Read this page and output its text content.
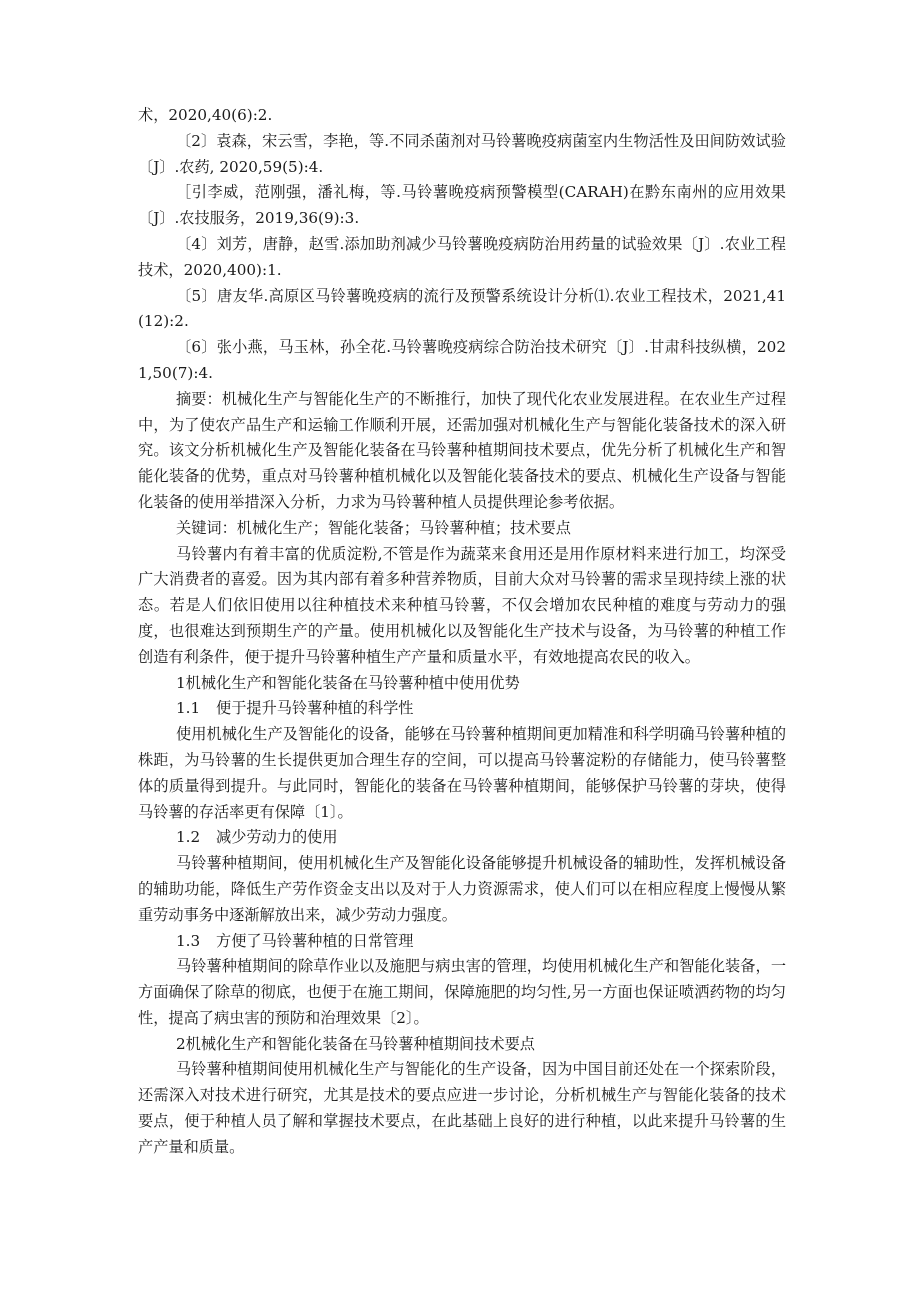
术，2020,40(6):2.

〔2〕袁森，宋云雪，李艳，等.不同杀菌剂对马铃薯晚疫病菌室内生物活性及田间防效试验〔J〕.农药, 2020,59(5):4.

［引李威，范刚强，潘礼梅，等.马铃薯晚疫病预警模型(CARAH)在黔东南州的应用效果〔J〕.农技服务，2019,36(9):3.

〔4〕刘芳，唐静，赵雪.添加助剂减少马铃薯晚疫病防治用药量的试验效果〔J〕.农业工程技术，2020,400):1.

〔5〕唐友华.高原区马铃薯晚疫病的流行及预警系统设计分析⑴.农业工程技术，2021,41(12):2.

〔6〕张小燕，马玉林，孙全花.马铃薯晚疫病综合防治技术研究〔J〕.甘肃科技纵横，2021,50(7):4.

摘要：机械化生产与智能化生产的不断推行，加快了现代化农业发展进程。在农业生产过程中，为了使农产品生产和运输工作顺利开展，还需加强对机械化生产与智能化装备技术的深入研究。该文分析机械化生产及智能化装备在马铃薯种植期间技术要点，优先分析了机械化生产和智能化装备的优势，重点对马铃薯种植机械化以及智能化装备技术的要点、机械化生产设备与智能化装备的使用举措深入分析，力求为马铃薯种植人员提供理论参考依据。

关键词：机械化生产；智能化装备；马铃薯种植；技术要点

马铃薯内有着丰富的优质淀粉,不管是作为蔬菜来食用还是用作原材料来进行加工，均深受广大消费者的喜爱。因为其内部有着多种营养物质，目前大众对马铃薯的需求呈现持续上涨的状态。若是人们依旧使用以往种植技术来种植马铃薯，不仅会增加农民种植的难度与劳动力的强度，也很难达到预期生产的产量。使用机械化以及智能化生产技术与设备，为马铃薯的种植工作创造有利条件，便于提升马铃薯种植生产产量和质量水平，有效地提高农民的收入。

1机械化生产和智能化装备在马铃薯种植中使用优势

1.1 便于提升马铃薯种植的科学性

使用机械化生产及智能化的设备，能够在马铃薯种植期间更加精准和科学明确马铃薯种植的株距，为马铃薯的生长提供更加合理生存的空间，可以提高马铃薯淀粉的存储能力，使马铃薯整体的质量得到提升。与此同时，智能化的装备在马铃薯种植期间，能够保护马铃薯的芽块，使得马铃薯的存活率更有保障〔1〕。

1.2 减少劳动力的使用

马铃薯种植期间，使用机械化生产及智能化设备能够提升机械设备的辅助性，发挥机械设备的辅助功能，降低生产劳作资金支出以及对于人力资源需求，使人们可以在相应程度上慢慢从繁重劳动事务中逐渐解放出来，减少劳动力强度。

1.3 方便了马铃薯种植的日常管理

马铃薯种植期间的除草作业以及施肥与病虫害的管理，均使用机械化生产和智能化装备，一方面确保了除草的彻底，也便于在施工期间，保障施肥的均匀性,另一方面也保证喷洒药物的均匀性，提高了病虫害的预防和治理效果〔2〕。

2机械化生产和智能化装备在马铃薯种植期间技术要点

马铃薯种植期间使用机械化生产与智能化的生产设备，因为中国目前还处在一个探索阶段，还需深入对技术进行研究，尤其是技术的要点应进一步讨论，分析机械生产与智能化装备的技术要点，便于种植人员了解和掌握技术要点，在此基础上良好的进行种植，以此来提升马铃薯的生产产量和质量。
